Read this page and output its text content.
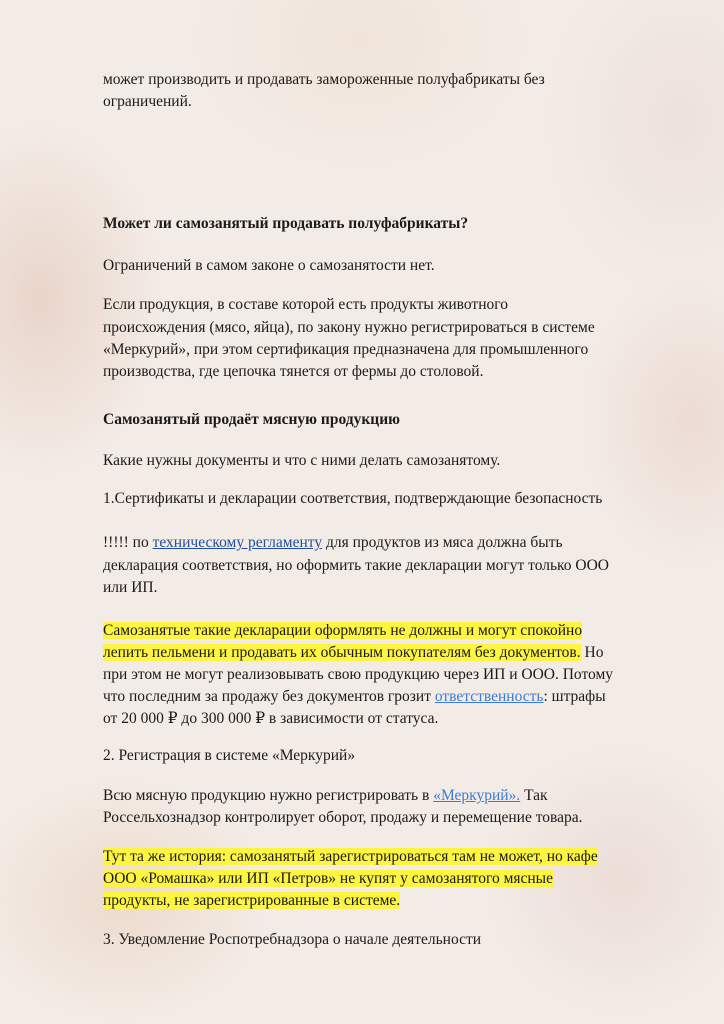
может производить и продавать замороженные полуфабрикаты без

ограничений.

Может ли самозанятый продавать полуфабрикаты?

Ограничений в самом законе о самозанятости нет.

Если продукция, в составе которой есть продукты животного

происхождения (мясо, яйца), по закону нужно регистрироваться в системе

«Меркурий», при этом сертификация предназначена для промышленного

производства, где цепочка тянется от фермы до столовой.

Самозанятый продаёт мясную продукцию

Какие нужны документы и что с ними делать самозанятому.

1.Сертификаты и декларации соответствия, подтверждающие безопасность

!!!!! по техническому регламенту для продуктов из мяса должна быть

декларация соответствия, но оформить такие декларации могут только ООО

или ИП.

Самозанятые такие декларации оформлять не должны и могут спокойно

лепить пельмени и продавать их обычным покупателям без документов. Но

при этом не могут реализовывать свою продукцию через ИП и ООО. Потому

что последним за продажу без документов грозит ответственность: штрафы

от 20 000 ₽ до 300 000 ₽ в зависимости от статуса.

2. Регистрация в системе «Меркурий»

Всю мясную продукцию нужно регистрировать в «Меркурий». Так

Россельхознадзор контролирует оборот, продажу и перемещение товара.

Тут та же история: самозанятый зарегистрироваться там не может, но кафе

ООО «Ромашка» или ИП «Петров» не купят у самозанятого мясные

продукты, не зарегистрированные в системе.

3. Уведомление Роспотребнадзора о начале деятельности
